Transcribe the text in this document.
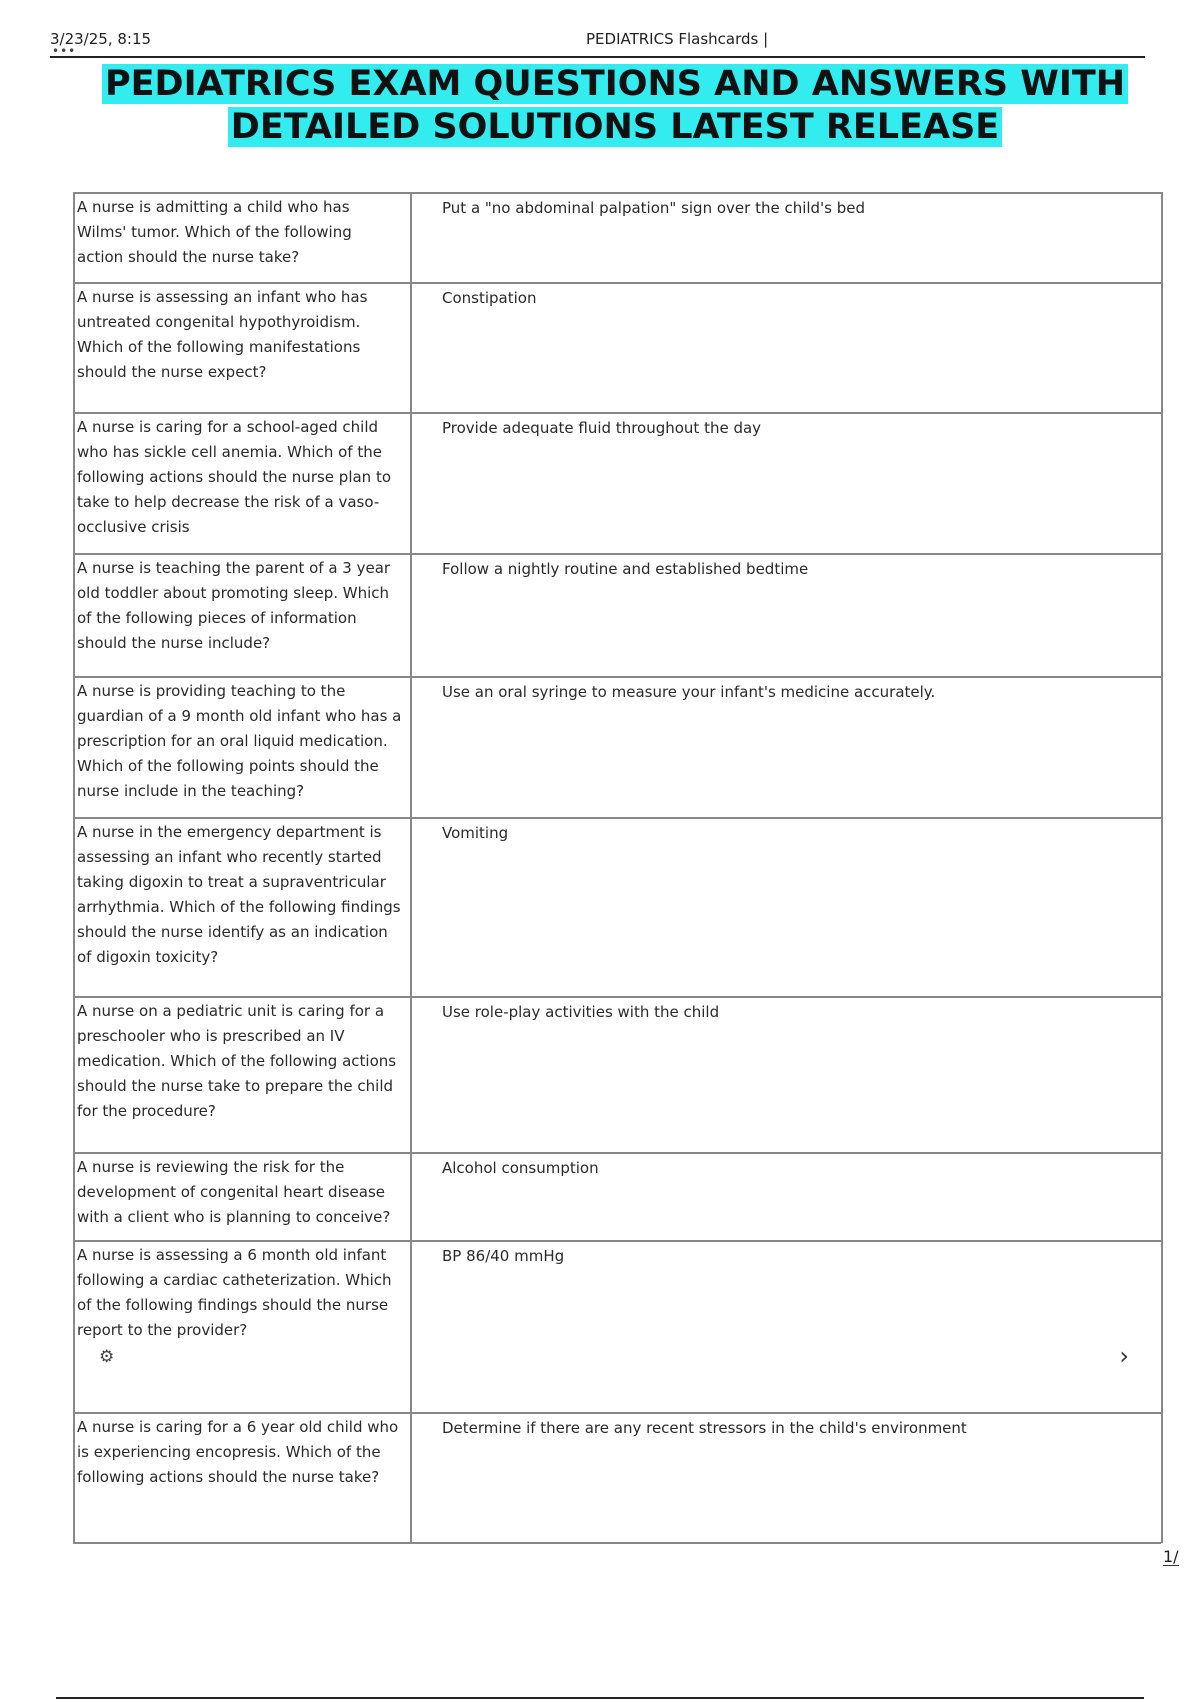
3/23/25, 8:15
•••
PEDIATRICS Flashcards |
PEDIATRICS EXAM QUESTIONS AND ANSWERS WITH DETAILED SOLUTIONS LATEST RELEASE
A nurse is admitting a child who has Wilms' tumor. Which of the following action should the nurse take?	Put a "no abdominal palpation" sign over the child's bed
A nurse is assessing an infant who has untreated congenital hypothyroidism. Which of the following manifestations should the nurse expect?	Constipation
A nurse is caring for a school-aged child who has sickle cell anemia. Which of the following actions should the nurse plan to take to help decrease the risk of a vaso-occlusive crisis	Provide adequate fluid throughout the day
A nurse is teaching the parent of a 3 year old toddler about promoting sleep. Which of the following pieces of information should the nurse include?	Follow a nightly routine and established bedtime
A nurse is providing teaching to the guardian of a 9 month old infant who has a prescription for an oral liquid medication. Which of the following points should the nurse include in the teaching?	Use an oral syringe to measure your infant's medicine accurately.
A nurse in the emergency department is assessing an infant who recently started taking digoxin to treat a supraventricular arrhythmia. Which of the following findings should the nurse identify as an indication of digoxin toxicity?	Vomiting
A nurse on a pediatric unit is caring for a preschooler who is prescribed an IV medication. Which of the following actions should the nurse take to prepare the child for the procedure?	Use role-play activities with the child
A nurse is reviewing the risk for the development of congenital heart disease with a client who is planning to conceive?	Alcohol consumption
A nurse is assessing a 6 month old infant following a cardiac catheterization. Which of the following findings should the nurse report to the provider?	BP 86/40 mmHg
A nurse is caring for a 6 year old child who is experiencing encopresis. Which of the following actions should the nurse take?	Determine if there are any recent stressors in the child's environment
⚙	›
1/
